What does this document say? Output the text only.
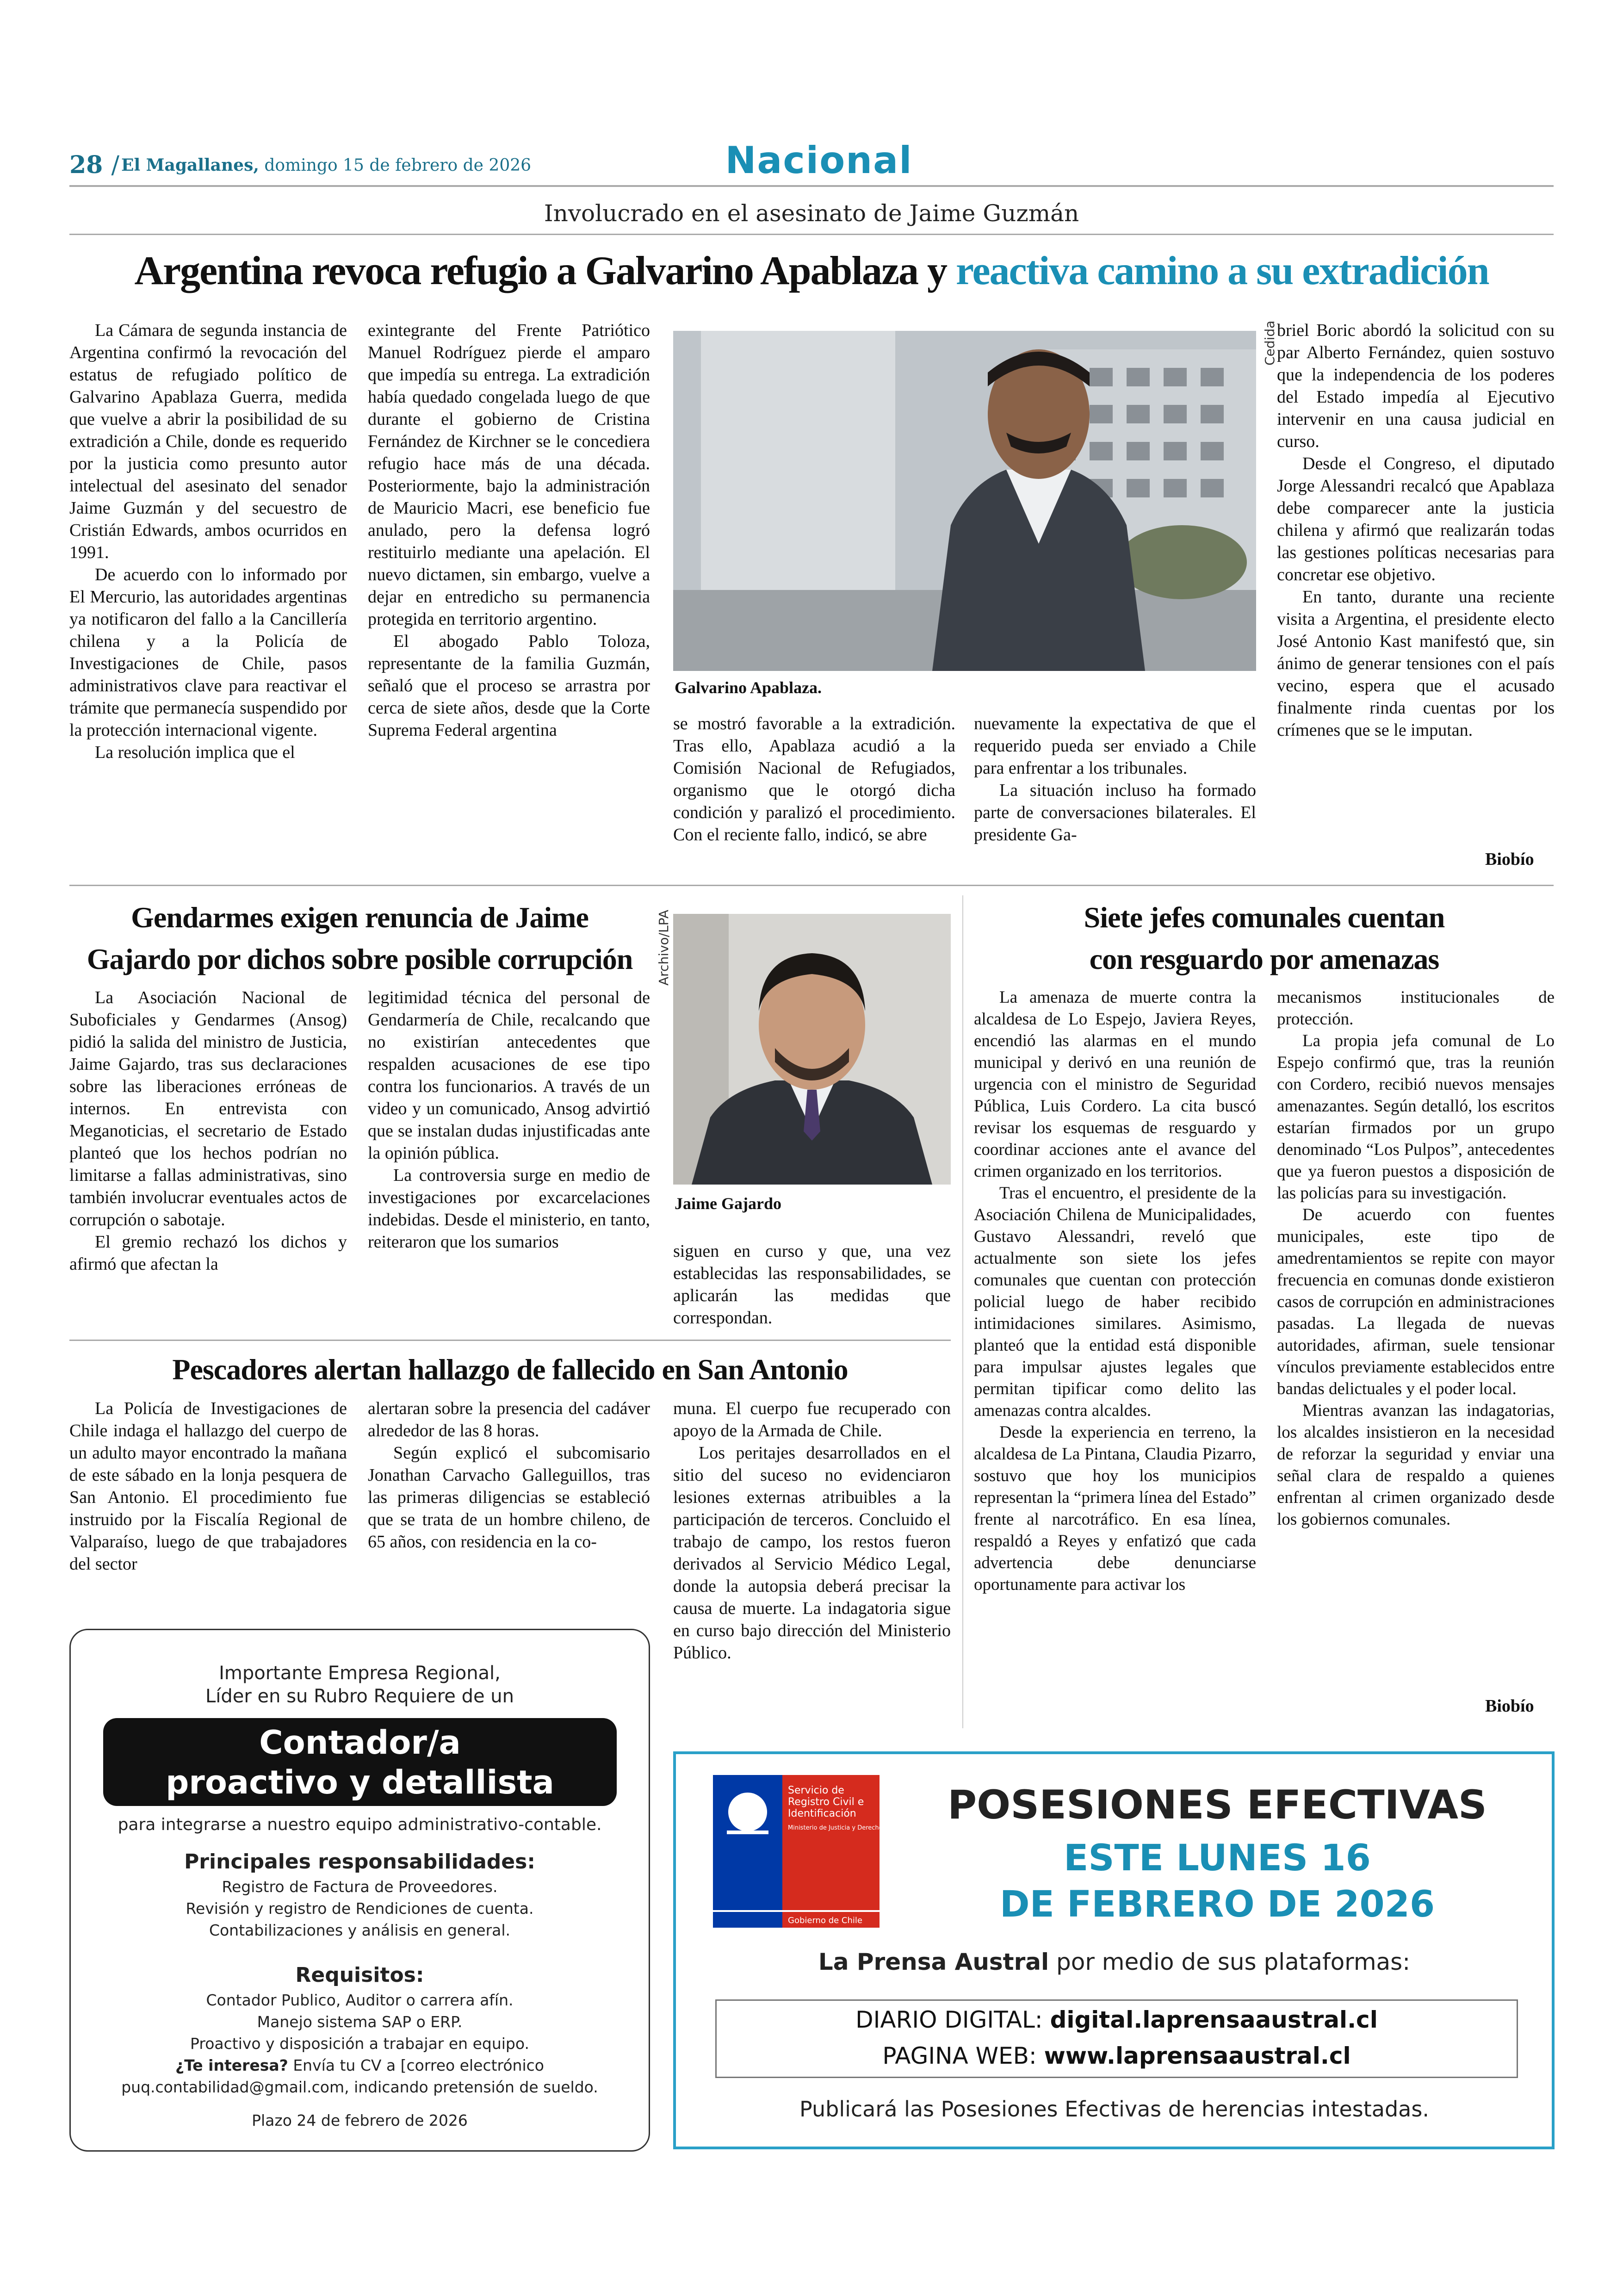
28 / El Magallanes, domingo 15 de febrero de 2026	Nacional
Involucrado en el asesinato de Jaime Guzmán
Argentina revoca refugio a Galvarino Apablaza y reactiva camino a su extradición

La Cámara de segunda instancia de Argentina confirmó la revocación del estatus de refugiado político de Galvarino Apablaza Guerra, medida que vuelve a abrir la posibilidad de su extradición a Chile, donde es requerido por la justicia como presunto autor intelectual del asesinato del senador Jaime Guzmán y del secuestro de Cristián Edwards, ambos ocurridos en 1991.

De acuerdo con lo informado por El Mercurio, las autoridades argentinas ya notificaron del fallo a la Cancillería chilena y a la Policía de Investigaciones de Chile, pasos administrativos clave para reactivar el trámite que permanecía suspendido por la protección internacional vigente.

La resolución implica que el

exintegrante del Frente Patriótico Manuel Rodríguez pierde el amparo que impedía su entrega. La extradición había quedado congelada luego de que durante el gobierno de Cristina Fernández de Kirchner se le concediera refugio hace más de una década. Posteriormente, bajo la administración de Mauricio Macri, ese beneficio fue anulado, pero la defensa logró restituirlo mediante una apelación. El nuevo dictamen, sin embargo, vuelve a dejar en entredicho su permanencia protegida en territorio argentino.

El abogado Pablo Toloza, representante de la familia Guzmán, señaló que el proceso se arrastra por cerca de siete años, desde que la Corte Suprema Federal argentina

Galvarino Apablaza.
Cedida

se mostró favorable a la extradición. Tras ello, Apablaza acudió a la Comisión Nacional de Refugiados, organismo que le otorgó dicha condición y paralizó el procedimiento. Con el reciente fallo, indicó, se abre

nuevamente la expectativa de que el requerido pueda ser enviado a Chile para enfrentar a los tribunales.

La situación incluso ha formado parte de conversaciones bilaterales. El presidente Ga-

briel Boric abordó la solicitud con su par Alberto Fernández, quien sostuvo que la independencia de los poderes del Estado impedía al Ejecutivo intervenir en una causa judicial en curso.

Desde el Congreso, el diputado Jorge Alessandri recalcó que Apablaza debe comparecer ante la justicia chilena y afirmó que realizarán todas las gestiones políticas necesarias para concretar ese objetivo.

En tanto, durante una reciente visita a Argentina, el presidente electo José Antonio Kast manifestó que, sin ánimo de generar tensiones con el país vecino, espera que el acusado finalmente rinda cuentas por los crímenes que se le imputan.

Biobío
Gendarmes exigen renuncia de Jaime
Gajardo por dichos sobre posible corrupción	Archivo/LPA
Jaime Gajardo

La Asociación Nacional de Suboficiales y Gendarmes (Ansog) pidió la salida del ministro de Justicia, Jaime Gajardo, tras sus declaraciones sobre las liberaciones erróneas de internos. En entrevista con Meganoticias, el secretario de Estado planteó que los hechos podrían no limitarse a fallas administrativas, sino también involucrar eventuales actos de corrupción o sabotaje.

El gremio rechazó los dichos y afirmó que afectan la

legitimidad técnica del personal de Gendarmería de Chile, recalcando que no existirían antecedentes que respalden acusaciones de ese tipo contra los funcionarios. A través de un video y un comunicado, Ansog advirtió que se instalan dudas injustificadas ante la opinión pública.

La controversia surge en medio de investigaciones por excarcelaciones indebidas. Desde el ministerio, en tanto, reiteraron que los sumarios	siguen en curso y que, una vez establecidas las responsabilidades, se aplicarán las medidas que correspondan.

Pescadores alertan hallazgo de fallecido en San Antonio

La Policía de Investigaciones de Chile indaga el hallazgo del cuerpo de un adulto mayor encontrado la mañana de este sábado en la lonja pesquera de San Antonio. El procedimiento fue instruido por la Fiscalía Regional de Valparaíso, luego de que trabajadores del sector

alertaran sobre la presencia del cadáver alrededor de las 8 horas.

Según explicó el subcomisario Jonathan Carvacho Galleguillos, tras las primeras diligencias se estableció que se trata de un hombre chileno, de 65 años, con residencia en la co-

muna. El cuerpo fue recuperado con apoyo de la Armada de Chile.

Los peritajes desarrollados en el sitio del suceso no evidenciaron lesiones externas atribuibles a la participación de terceros. Concluido el trabajo de campo, los restos fueron derivados al Servicio Médico Legal, donde la autopsia deberá precisar la causa de muerte. La indagatoria sigue en curso bajo dirección del Ministerio Público.

Siete jefes comunales cuentan
con resguardo por amenazas

La amenaza de muerte contra la alcaldesa de Lo Espejo, Javiera Reyes, encendió las alarmas en el mundo municipal y derivó en una reunión de urgencia con el ministro de Seguridad Pública, Luis Cordero. La cita buscó revisar los esquemas de resguardo y coordinar acciones ante el avance del crimen organizado en los territorios.

Tras el encuentro, el presidente de la Asociación Chilena de Municipalidades, Gustavo Alessandri, reveló que actualmente son siete los jefes comunales que cuentan con protección policial luego de haber recibido intimidaciones similares. Asimismo, planteó que la entidad está disponible para impulsar ajustes legales que permitan tipificar como delito las amenazas contra alcaldes.

Desde la experiencia en terreno, la alcaldesa de La Pintana, Claudia Pizarro, sostuvo que hoy los municipios representan la “primera línea del Estado” frente al narcotráfico. En esa línea, respaldó a Reyes y enfatizó que cada advertencia debe denunciarse oportunamente para activar los

mecanismos institucionales de protección.

La propia jefa comunal de Lo Espejo confirmó que, tras la reunión con Cordero, recibió nuevos mensajes amenazantes. Según detalló, los escritos estarían firmados por un grupo denominado “Los Pulpos”, antecedentes que ya fueron puestos a disposición de las policías para su investigación.

De acuerdo con fuentes municipales, este tipo de amedrentamientos se repite con mayor frecuencia en comunas donde existieron casos de corrupción en administraciones pasadas. La llegada de nuevas autoridades, afirman, suele tensionar vínculos previamente establecidos entre bandas delictuales y el poder local.

Mientras avanzan las indagatorias, los alcaldes insistieron en la necesidad de reforzar la seguridad y enviar una señal clara de respaldo a quienes enfrentan al crimen organizado desde los gobiernos comunales.

Biobío
Importante Empresa Regional,
Líder en su Rubro Requiere de un
Contador/a
proactivo y detallista
para integrarse a nuestro equipo administrativo-contable.
Principales responsabilidades:
Registro de Factura de Proveedores.
Revisión y registro de Rendiciones de cuenta.
Contabilizaciones y análisis en general.
Requisitos:
Contador Publico, Auditor o carrera afín.
Manejo sistema SAP o ERP.
Proactivo y disposición a trabajar en equipo.
¿Te interesa? Envía tu CV a [correo electrónico
puq.contabilidad@gmail.com, indicando pretensión de sueldo.
Plazo 24 de febrero de 2026
Servicio de
Registro Civil e
Identificación
Ministerio de Justicia y Derechos Humanos
Gobierno de Chile
POSESIONES EFECTIVAS
ESTE LUNES 16
DE FEBRERO DE 2026
La Prensa Austral por medio de sus plataformas:
DIARIO DIGITAL: digital.laprensaaustral.cl
PAGINA WEB: www.laprensaaustral.cl
Publicará las Posesiones Efectivas de herencias intestadas.
